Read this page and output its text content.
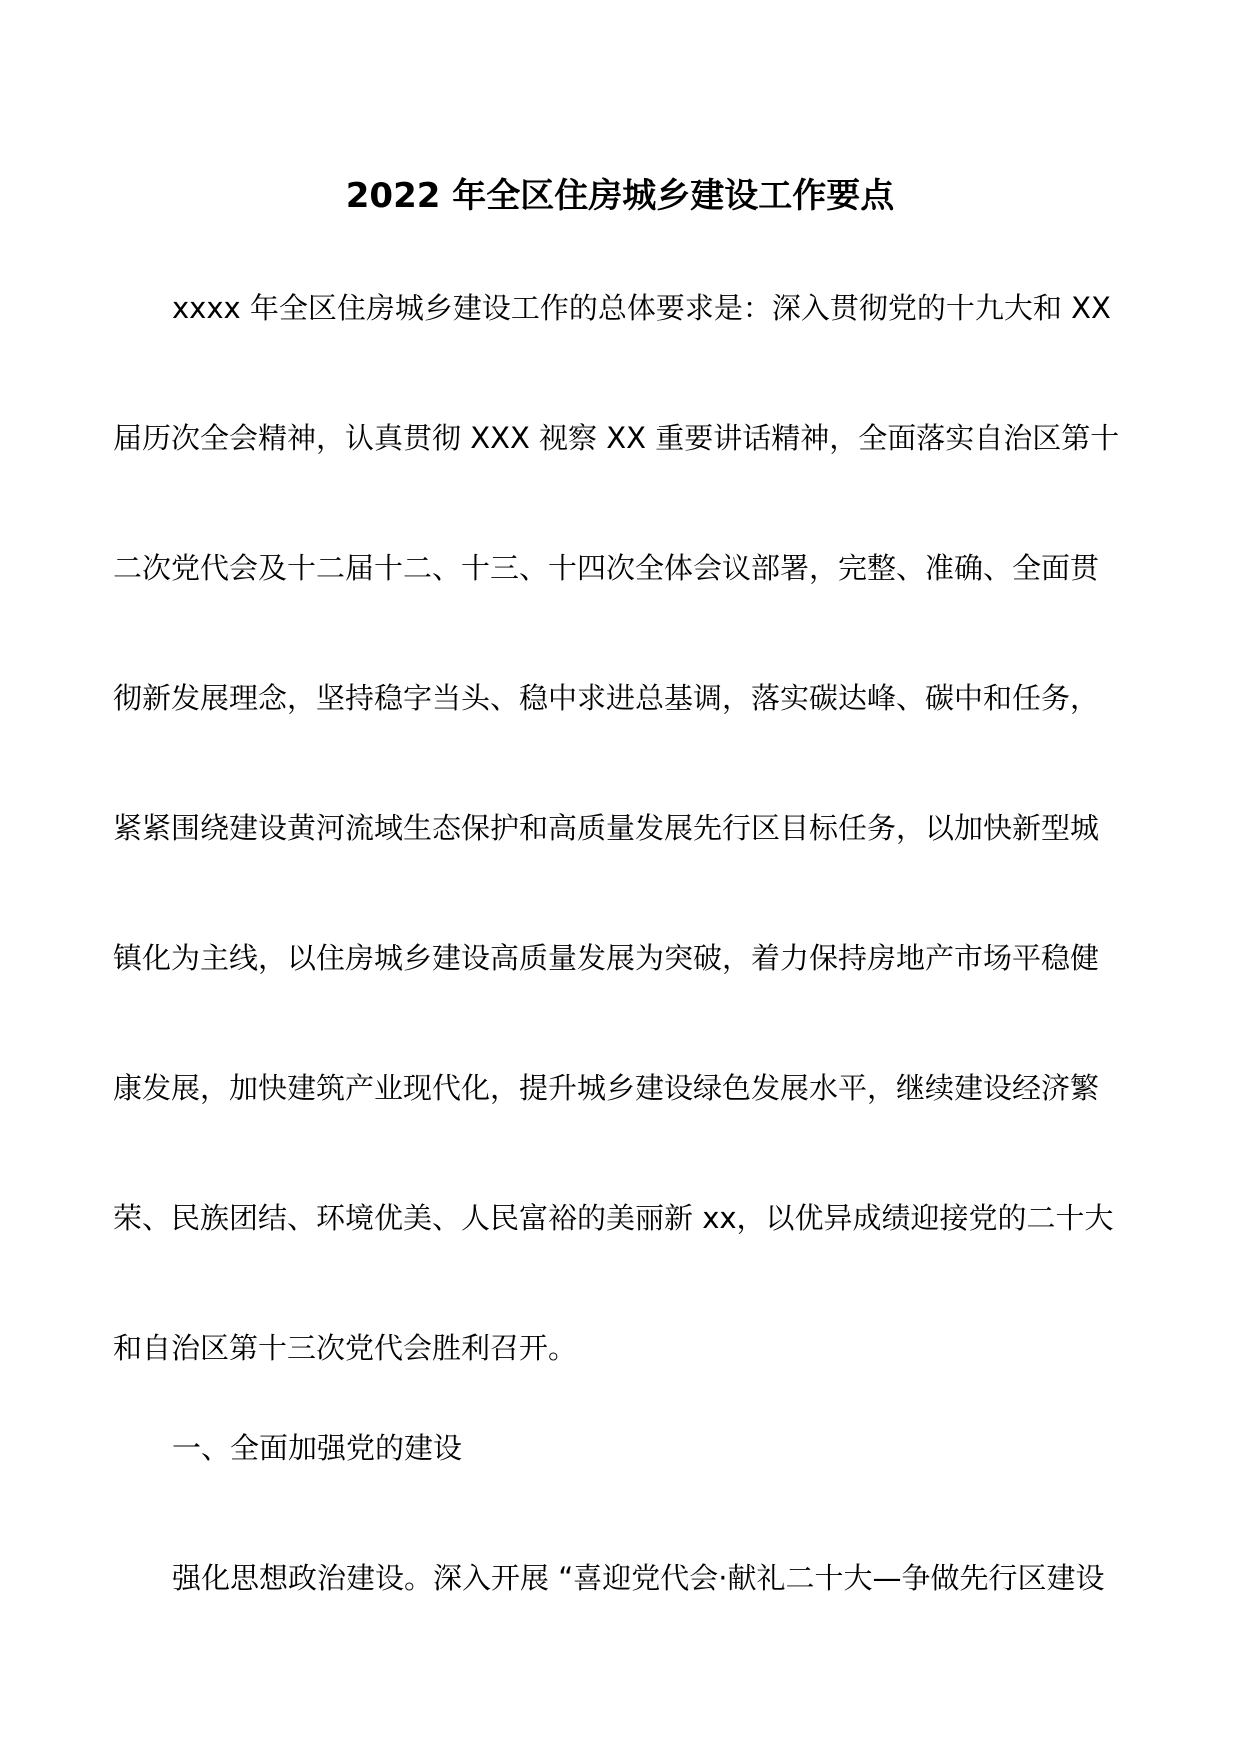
2022 年全区住房城乡建设工作要点
xxxx 年全区住房城乡建设工作的总体要求是：深入贯彻党的十九大和 XX
届历次全会精神，认真贯彻 XXX 视察 XX 重要讲话精神，全面落实自治区第十
二次党代会及十二届十二、十三、十四次全体会议部署，完整、准确、全面贯
彻新发展理念，坚持稳字当头、稳中求进总基调，落实碳达峰、碳中和任务，
紧紧围绕建设黄河流域生态保护和高质量发展先行区目标任务，以加快新型城
镇化为主线，以住房城乡建设高质量发展为突破，着力保持房地产市场平稳健
康发展，加快建筑产业现代化，提升城乡建设绿色发展水平，继续建设经济繁
荣、民族团结、环境优美、人民富裕的美丽新 xx，以优异成绩迎接党的二十大
和自治区第十三次党代会胜利召开。
一、全面加强党的建设
强化思想政治建设。深入开展 “喜迎党代会·献礼二十大—争做先行区建设
